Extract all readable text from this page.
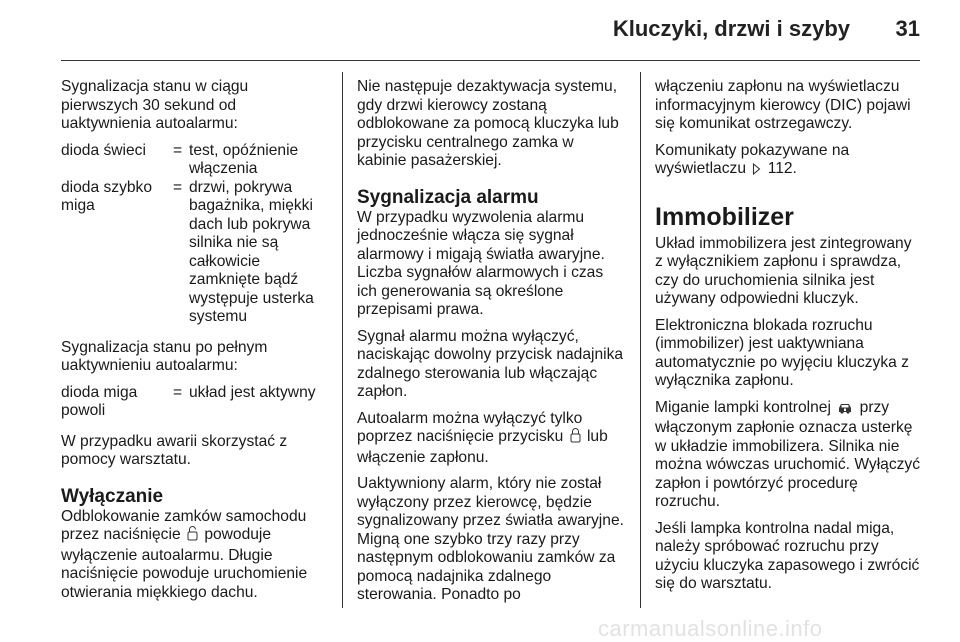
Kluczyki, drzwi i szyby	31

Sygnalizacja stanu w ciągu pierwszych 30 sekund od uaktywnienia autoalarmu:

dioda świeci	= test, opóźnienie włączenia
dioda szybko miga
= drzwi, pokrywa bagażnika, miękki dach lub pokrywa silnika nie są całkowicie zamknięte bądź występuje usterka systemu

Sygnalizacja stanu po pełnym uaktywnieniu autoalarmu:

dioda miga powoli
= układ jest aktywny

W przypadku awarii skorzystać z pomocy warsztatu.

Wyłączanie

Odblokowanie zamków samochodu przez naciśnięcie powoduje wyłączenie autoalarmu. Długie naciśnięcie powoduje uruchomienie otwierania miękkiego dachu.

Nie następuje dezaktywacja systemu, gdy drzwi kierowcy zostaną odblokowane za pomocą kluczyka lub przycisku centralnego zamka w kabinie pasażerskiej.

Sygnalizacja alarmu

W przypadku wyzwolenia alarmu jednocześnie włącza się sygnał alarmowy i migają światła awaryjne. Liczba sygnałów alarmowych i czas ich generowania są określone przepisami prawa.

Sygnał alarmu można wyłączyć, naciskając dowolny przycisk nadajnika zdalnego sterowania lub włączając zapłon.

Autoalarm można wyłączyć tylko poprzez naciśnięcie przycisku lub włączenie zapłonu.

Uaktywniony alarm, który nie został wyłączony przez kierowcę, będzie sygnalizowany przez światła awaryjne. Migną one szybko trzy razy przy następnym odblokowaniu zamków za pomocą nadajnika zdalnego sterowania. Ponadto po

włączeniu zapłonu na wyświetlaczu informacyjnym kierowcy (DIC) pojawi się komunikat ostrzegawczy.

Komunikaty pokazywane na wyświetlaczu 112.

Immobilizer

Układ immobilizera jest zintegrowany z wyłącznikiem zapłonu i sprawdza, czy do uruchomienia silnika jest używany odpowiedni kluczyk.

Elektroniczna blokada rozruchu (immobilizer) jest uaktywniana automatycznie po wyjęciu kluczyka z wyłącznika zapłonu.

Miganie lampki kontrolnej przy włączonym zapłonie oznacza usterkę w układzie immobilizera. Silnika nie można wówczas uruchomić. Wyłączyć zapłon i powtórzyć procedurę rozruchu.

Jeśli lampka kontrolna nadal miga, należy spróbować rozruchu przy użyciu kluczyka zapasowego i zwrócić się do warsztatu.

carmanualsonline.info
